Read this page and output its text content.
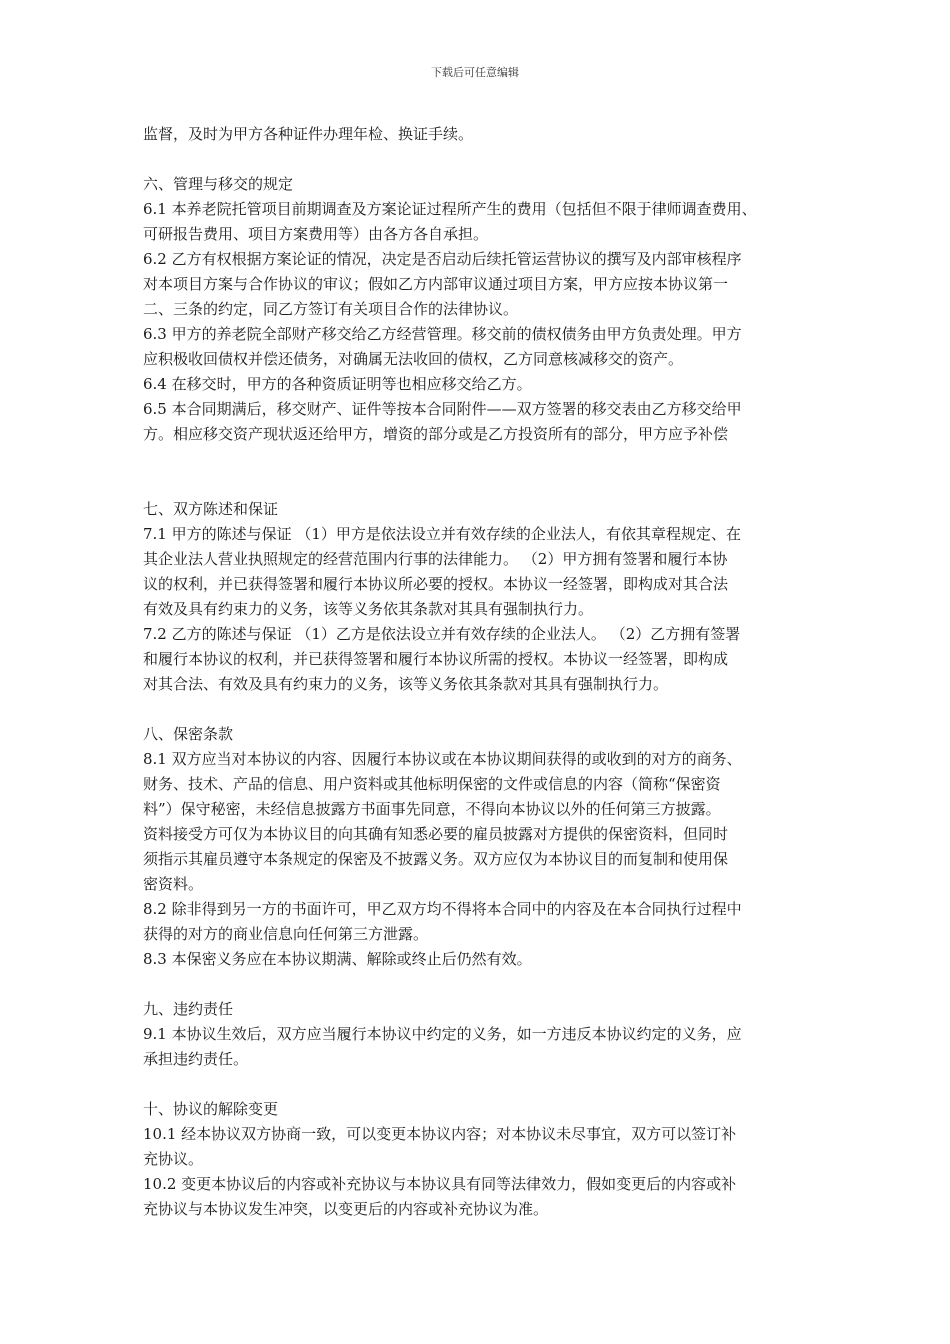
下载后可任意编辑
监督，及时为甲方各种证件办理年检、换证手续。
六、管理与移交的规定
6.1 本养老院托管项目前期调查及方案论证过程所产生的费用（包括但不限于律师调查费用、
可研报告费用、项目方案费用等）由各方各自承担。
6.2 乙方有权根据方案论证的情况，决定是否启动后续托管运营协议的撰写及内部审核程序
对本项目方案与合作协议的审议；假如乙方内部审议通过项目方案，甲方应按本协议第一
二、三条的约定，同乙方签订有关项目合作的法律协议。
6.3 甲方的养老院全部财产移交给乙方经营管理。移交前的债权债务由甲方负责处理。甲方
应积极收回债权并偿还债务，对确属无法收回的债权，乙方同意核减移交的资产。
6.4 在移交时，甲方的各种资质证明等也相应移交给乙方。
6.5 本合同期满后，移交财产、证件等按本合同附件——双方签署的移交表由乙方移交给甲
方。相应移交资产现状返还给甲方，增资的部分或是乙方投资所有的部分，甲方应予补偿
七、双方陈述和保证
7.1 甲方的陈述与保证 （1）甲方是依法设立并有效存续的企业法人，有依其章程规定、在
其企业法人营业执照规定的经营范围内行事的法律能力。 （2）甲方拥有签署和履行本协
议的权利，并已获得签署和履行本协议所必要的授权。本协议一经签署，即构成对其合法
有效及具有约束力的义务，该等义务依其条款对其具有强制执行力。
7.2 乙方的陈述与保证 （1）乙方是依法设立并有效存续的企业法人。 （2）乙方拥有签署
和履行本协议的权利，并已获得签署和履行本协议所需的授权。本协议一经签署，即构成
对其合法、有效及具有约束力的义务，该等义务依其条款对其具有强制执行力。
八、保密条款
8.1 双方应当对本协议的内容、因履行本协议或在本协议期间获得的或收到的对方的商务、
财务、技术、产品的信息、用户资料或其他标明保密的文件或信息的内容（简称“保密资
料”）保守秘密，未经信息披露方书面事先同意，不得向本协议以外的任何第三方披露。
资料接受方可仅为本协议目的向其确有知悉必要的雇员披露对方提供的保密资料，但同时
须指示其雇员遵守本条规定的保密及不披露义务。双方应仅为本协议目的而复制和使用保
密资料。
8.2 除非得到另一方的书面许可，甲乙双方均不得将本合同中的内容及在本合同执行过程中
获得的对方的商业信息向任何第三方泄露。
8.3 本保密义务应在本协议期满、解除或终止后仍然有效。
九、违约责任
9.1 本协议生效后，双方应当履行本协议中约定的义务，如一方违反本协议约定的义务，应
承担违约责任。
十、协议的解除变更
10.1 经本协议双方协商一致，可以变更本协议内容；对本协议未尽事宜，双方可以签订补
充协议。
10.2 变更本协议后的内容或补充协议与本协议具有同等法律效力，假如变更后的内容或补
充协议与本协议发生冲突，以变更后的内容或补充协议为准。
